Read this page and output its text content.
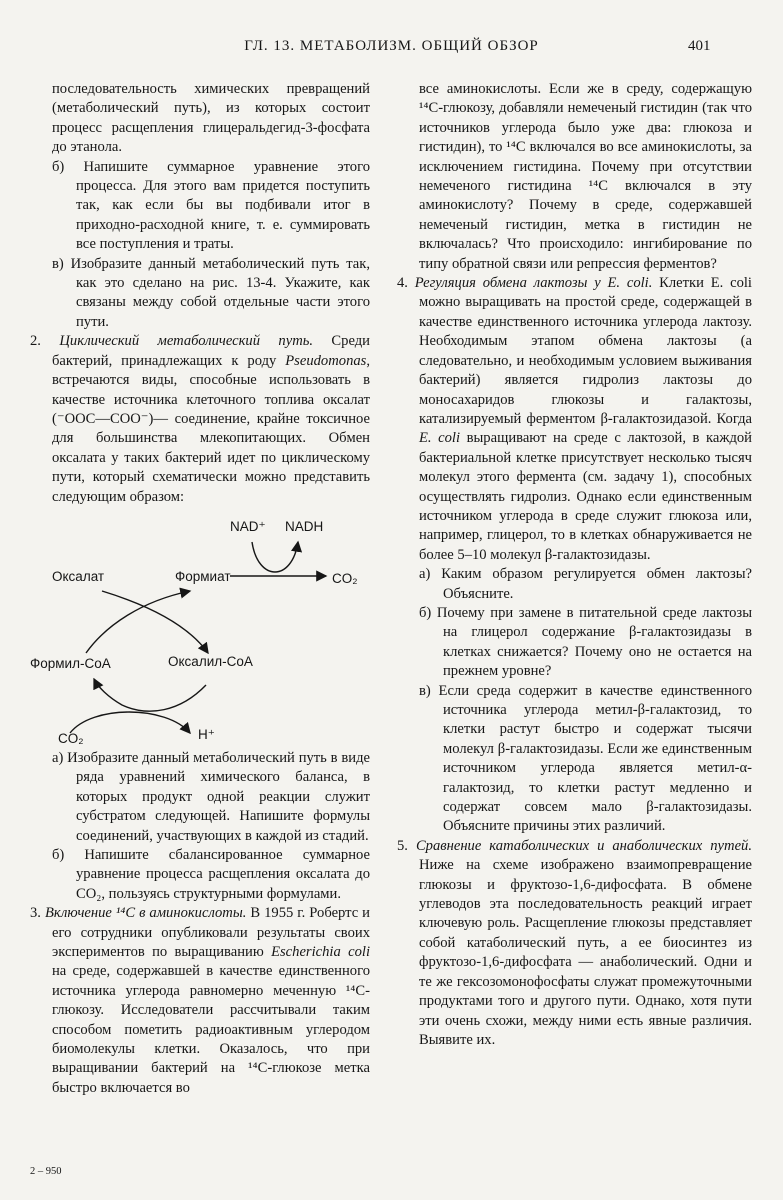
ГЛ. 13. МЕТАБОЛИЗМ. ОБЩИЙ ОБЗОР	401

последовательность химических превращений (метаболический путь), из которых состоит процесс расщепления глицеральдегид-3-фосфата до этанола.

б) Напишите суммарное уравнение этого процесса. Для этого вам придется поступить так, как если бы вы подбивали итог в приходно-расходной книге, т. е. суммировать все поступления и траты.

в) Изобразите данный метаболический путь так, как это сделано на рис. 13-4. Укажите, как связаны между собой отдельные части этого пути.

2. Циклический метаболический путь. Среди бактерий, принадлежащих к роду Pseudomonas, встречаются виды, способные использовать в качестве источника клеточного топлива оксалат (⁻OOC—COO⁻)— соединение, крайне токсичное для большинства млекопитающих. Обмен оксалата у таких бактерий идет по циклическому пути, который схематически можно представить следующим образом:

NAD⁺ NADH
Оксалат	Формиат	CO₂
Формил-CoA	Оксалил-CoA
CO₂	H⁺

а) Изобразите данный метаболический путь в виде ряда уравнений химического баланса, в которых продукт одной реакции служит субстратом следующей. Напишите формулы соединений, участвующих в каждой из стадий.

б) Напишите сбалансированное суммарное уравнение процесса расщепления оксалата до CO₂, пользуясь структурными формулами.

3. Включение ¹⁴C в аминокислоты. В 1955 г. Робертс и его сотрудники опубликовали результаты своих экспериментов по выращиванию Escherichia coli на среде, содержавшей в качестве единственного источника углерода равномерно меченную ¹⁴C-глюкозу. Исследователи рассчитывали таким способом пометить радиоактивным углеродом биомолекулы клетки. Оказалось, что при выращивании бактерий на ¹⁴C-глюкозе метка быстро включается во

все аминокислоты. Если же в среду, содержащую ¹⁴C-глюкозу, добавляли немеченый гистидин (так что источников углерода было уже два: глюкоза и гистидин), то ¹⁴C включался во все аминокислоты, за исключением гистидина. Почему при отсутствии немеченого гистидина ¹⁴C включался в эту аминокислоту? Почему в среде, содержавшей немеченый гистидин, метка в гистидин не включалась? Что происходило: ингибирование по типу обратной связи или репрессия ферментов?

4. Регуляция обмена лактозы у E. coli. Клетки E. coli можно выращивать на простой среде, содержащей в качестве единственного источника углерода лактозу. Необходимым этапом обмена лактозы (а следовательно, и необходимым условием выживания бактерий) является гидролиз лактозы до моносахаридов глюкозы и галактозы, катализируемый ферментом β-галактозидазой. Когда E. coli выращивают на среде с лактозой, в каждой бактериальной клетке присутствует несколько тысяч молекул этого фермента (см. задачу 1), способных осуществлять гидролиз. Однако если единственным источником углерода в среде служит глюкоза или, например, глицерол, то в клетках обнаруживается не более 5–10 молекул β-галактозидазы.

а) Каким образом регулируется обмен лактозы? Объясните.

б) Почему при замене в питательной среде лактозы на глицерол содержание β-галактозидазы в клетках снижается? Почему оно не остается на прежнем уровне?

в) Если среда содержит в качестве единственного источника углерода метил-β-галактозид, то клетки растут быстро и содержат тысячи молекул β-галактозидазы. Если же единственным источником углерода является метил-α-галактозид, то клетки растут медленно и содержат совсем мало β-галактозидазы. Объясните причины этих различий.

5. Сравнение катаболических и анаболических путей. Ниже на схеме изображено взаимопревращение глюкозы и фруктозо-1,6-дифосфата. В обмене углеводов эта последовательность реакций играет ключевую роль. Расщепление глюкозы представляет собой катаболический путь, а ее биосинтез из фруктозо-1,6-дифосфата — анаболический. Одни и те же гексозомонофосфаты служат промежуточными продуктами того и другого пути. Однако, хотя пути эти очень схожи, между ними есть явные различия. Выявите их.

2 – 950
